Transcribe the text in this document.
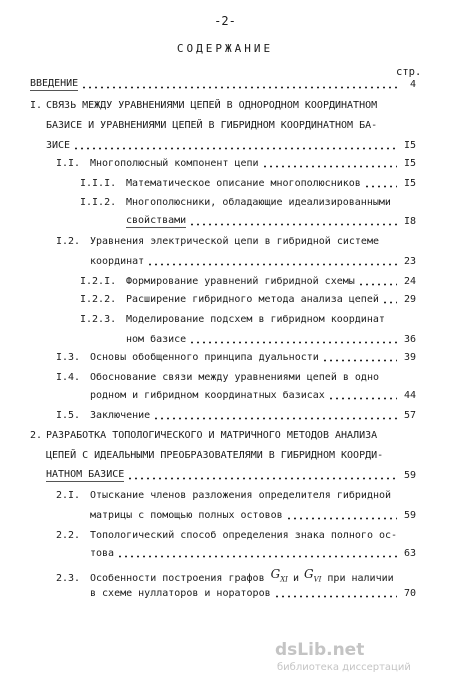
-2-
СОДЕРЖАНИЕ
стр.
ВВЕДЕНИЕ	4
I. СВЯЗЬ МЕЖДУ УРАВНЕНИЯМИ ЦЕПЕЙ В ОДНОРОДНОМ КООРДИНАТНОМ
БАЗИСЕ И УРАВНЕНИЯМИ ЦЕПЕЙ В ГИБРИДНОМ КООРДИНАТНОМ БА-
ЗИСЕ	I5
I.I. Многополюсный компонент цепи	I5
I.I.I. Математическое описание многополюсников	I5
I.I.2. Многополюсники, обладающие идеализированными
свойствами	I8
I.2. Уравнения электрической цепи в гибридной системе
координат	23
I.2.I. Формирование уравнений гибридной схемы	24
I.2.2. Расширение гибридного метода анализа цепей	29
I.2.3. Моделирование подсхем в гибридном координат
ном базисе	36
I.3. Основы обобщенного принципа дуальности	39
I.4. Обоснование связи между уравнениями цепей в одно
родном и гибридном координатных базисах	44
I.5. Заключение	57
2. РАЗРАБОТКА ТОПОЛОГИЧЕСКОГО И МАТРИЧНОГО МЕТОДОВ АНАЛИЗА
ЦЕПЕЙ С ИДЕАЛЬНЫМИ ПРЕОБРАЗОВАТЕЛЯМИ В ГИБРИДНОМ КООРДИ-
НАТНОМ БАЗИСЕ	59
2.I. Отыскание членов разложения определителя гибридной
матрицы с помощью полных остовов	59
2.2. Топологический способ определения знака полного ос-
това	63
2.3. Особенности построения графов $G_{XI}$ и $G_{VI}$ при наличии
в схеме нуллаторов и нораторов	70
dsLib.net
библиотека диссертаций
